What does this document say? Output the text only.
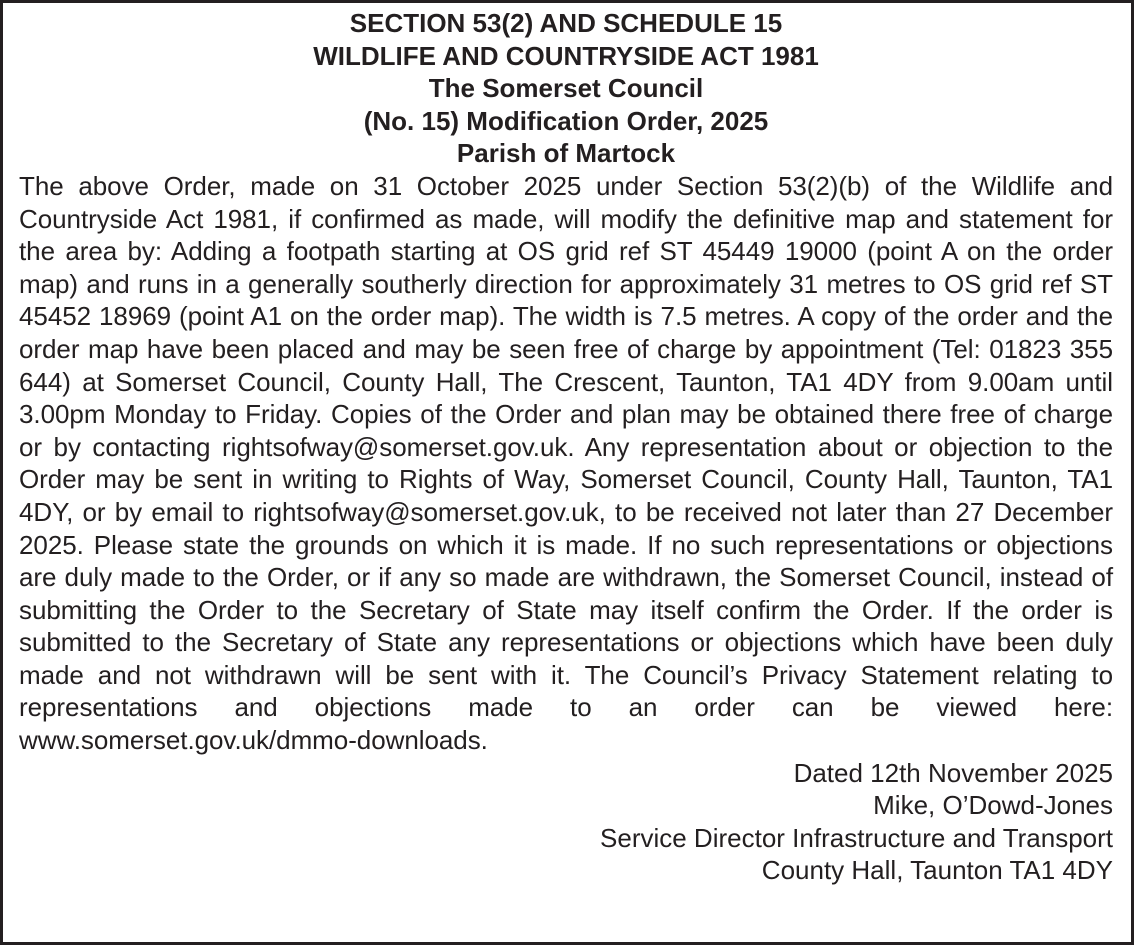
SECTION 53(2) AND SCHEDULE 15
WILDLIFE AND COUNTRYSIDE ACT 1981
The Somerset Council
(No. 15) Modification Order, 2025
Parish of Martock

The above Order, made on 31 October 2025 under Section 53(2)(b) of the Wildlife and Countryside Act 1981, if confirmed as made, will modify the definitive map and statement for the area by: Adding a footpath starting at OS grid ref ST 45449 19000 (point A on the order map) and runs in a generally southerly direction for approximately 31 metres to OS grid ref ST 45452 18969 (point A1 on the order map). The width is 7.5 metres. A copy of the order and the order map have been placed and may be seen free of charge by appointment (Tel: 01823 355 644) at Somerset Council, County Hall, The Crescent, Taunton, TA1 4DY from 9.00am until 3.00pm Monday to Friday. Copies of the Order and plan may be obtained there free of charge or by contacting rightsofway@somerset.gov.uk. Any representation about or objection to the Order may be sent in writing to Rights of Way, Somerset Council, County Hall, Taunton, TA1 4DY, or by email to rightsofway@somerset.gov.uk, to be received not later than 27 December 2025. Please state the grounds on which it is made. If no such representations or objections are duly made to the Order, or if any so made are withdrawn, the Somerset Council, instead of submitting the Order to the Secretary of State may itself confirm the Order. If the order is submitted to the Secretary of State any representations or objections which have been duly made and not withdrawn will be sent with it. The Council’s Privacy Statement relating to representations and objections made to an order can be viewed here: www.somerset.gov.uk/dmmo-downloads.

Dated 12th November 2025
Mike, O’Dowd-Jones
Service Director Infrastructure and Transport
County Hall, Taunton TA1 4DY
